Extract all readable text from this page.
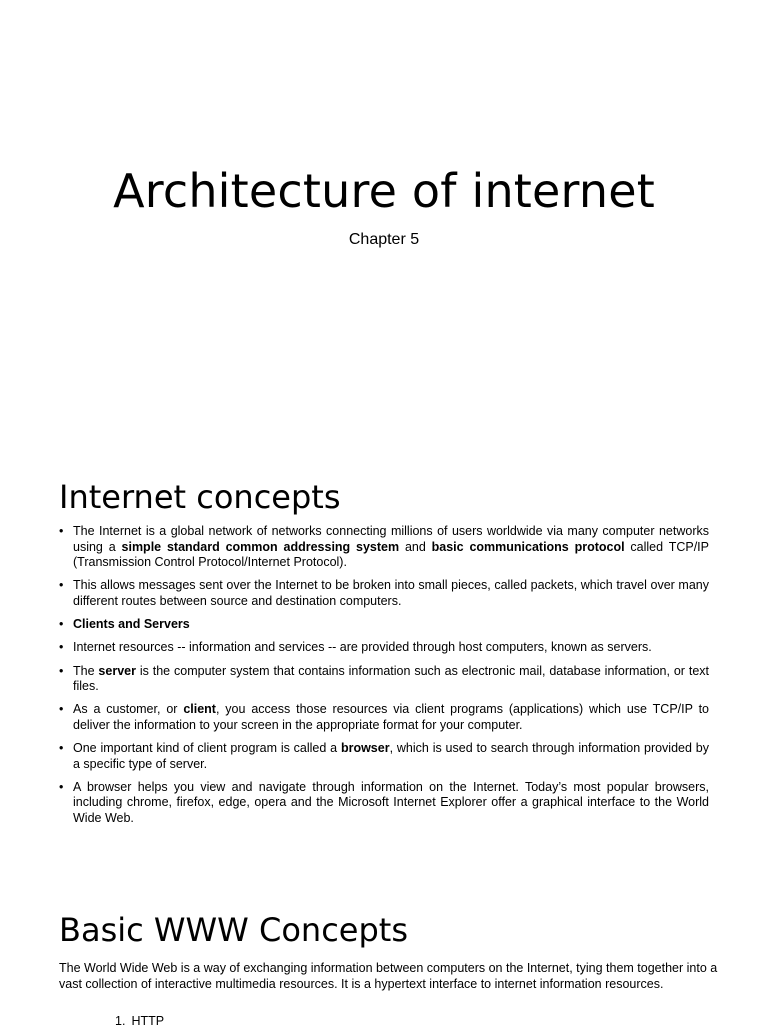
Architecture of internet

Chapter 5

Internet concepts
• The Internet is a global network of networks connecting millions of users worldwide via many computer networks using a simple standard common addressing system and basic communications protocol called TCP/IP (Transmission Control Protocol/Internet Protocol).
• This allows messages sent over the Internet to be broken into small pieces, called packets, which travel over many different routes between source and destination computers.
• Clients and Servers
• Internet resources -- information and services -- are provided through host computers, known as servers.
• The server is the computer system that contains information such as electronic mail, database information, or text files.
• As a customer, or client, you access those resources via client programs (applications) which use TCP/IP to deliver the information to your screen in the appropriate format for your computer.
• One important kind of client program is called a browser, which is used to search through information provided by a specific type of server.
• A browser helps you view and navigate through information on the Internet. Today’s most popular browsers, including chrome, firefox, edge, opera and the Microsoft Internet Explorer offer a graphical interface to the World Wide Web.
Basic WWW Concepts

The World Wide Web is a way of exchanging information between computers on the Internet, tying them together into a vast collection of interactive multimedia resources. It is a hypertext interface to internet information resources.

1. HTTP
